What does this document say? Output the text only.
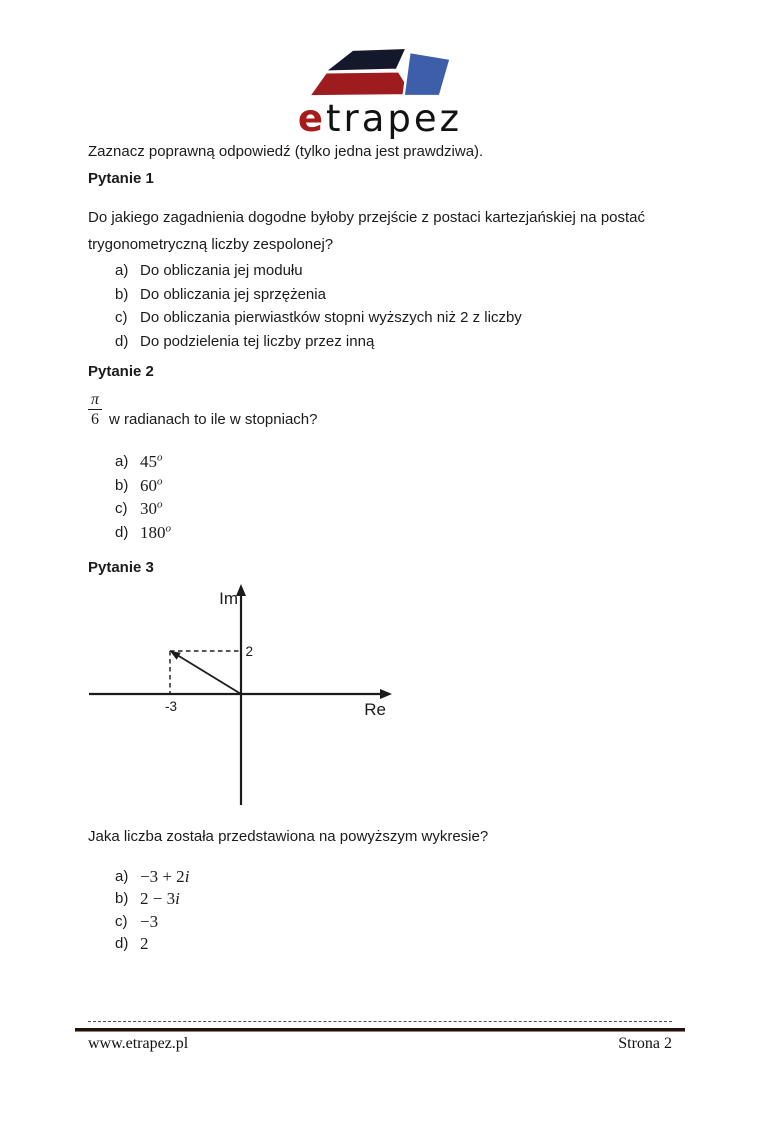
etrapez

Zaznacz poprawną odpowiedź (tylko jedna jest prawdziwa).

Pytanie 1

Do jakiego zagadnienia dogodne byłoby przejście z postaci kartezjańskiej na postać
trygonometryczną liczby zespolonej?

a) Do obliczania jej modułu
b) Do obliczania jej sprzężenia
c) Do obliczania pierwiastków stopni wyższych niż 2 z liczby
d) Do podzielenia tej liczby przez inną

Pytanie 2

$\frac{\pi}{6}$ w radianach to ile w stopniach?

a) 45$^o$
b) 60$^o$
c) 30$^o$
d) 180$^o$

Pytanie 3

Im
Re
2
-3

Jaka liczba została przedstawiona na powyższym wykresie?

a) −3 + 2i
b) 2 − 3i
c) −3
d) 2
www.etrapez.pl	Strona 2
